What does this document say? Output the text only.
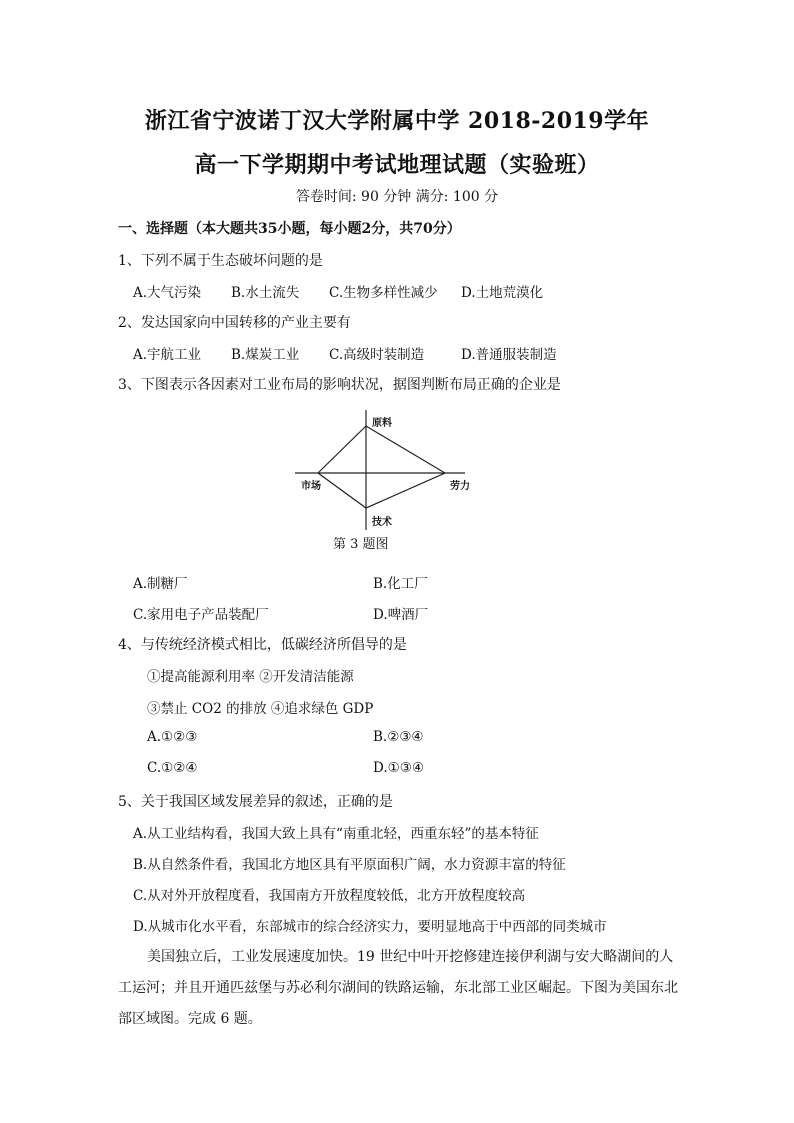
浙江省宁波诺丁汉大学附属中学 2018-2019学年
高一下学期期中考试地理试题（实验班）
答卷时间: 90 分钟 满分: 100 分
一、选择题（本大题共35小题，每小题2分，共70分）
1、下列不属于生态破坏问题的是
A.大气污染 B.水土流失 C.生物多样性减少 D.土地荒漠化
2、发达国家向中国转移的产业主要有
A.宇航工业 B.煤炭工业 C.高级时装制造	D.普通服装制造
3、下图表示各因素对工业布局的影响状况，据图判断布局正确的企业是
原料
市场	劳力
技术
第 3 题图
A.制糖厂	B.化工厂
C.家用电子产品装配厂	D.啤酒厂
4、与传统经济模式相比，低碳经济所倡导的是
①提高能源利用率 ②开发清洁能源
③禁止 CO2 的排放 ④追求绿色 GDP
A.①②③	B.②③④
C.①②④	D.①③④
5、关于我国区域发展差异的叙述，正确的是
A.从工业结构看，我国大致上具有“南重北轻，西重东轻”的基本特征
B.从自然条件看，我国北方地区具有平原面积广阔，水力资源丰富的特征
C.从对外开放程度看，我国南方开放程度较低，北方开放程度较高
D.从城市化水平看，东部城市的综合经济实力，要明显地高于中西部的同类城市
美国独立后，工业发展速度加快。19 世纪中叶开挖修建连接伊利湖与安大略湖间的人
工运河；并且开通匹兹堡与苏必利尔湖间的铁路运输，东北部工业区崛起。下图为美国东北
部区域图。完成 6 题。
